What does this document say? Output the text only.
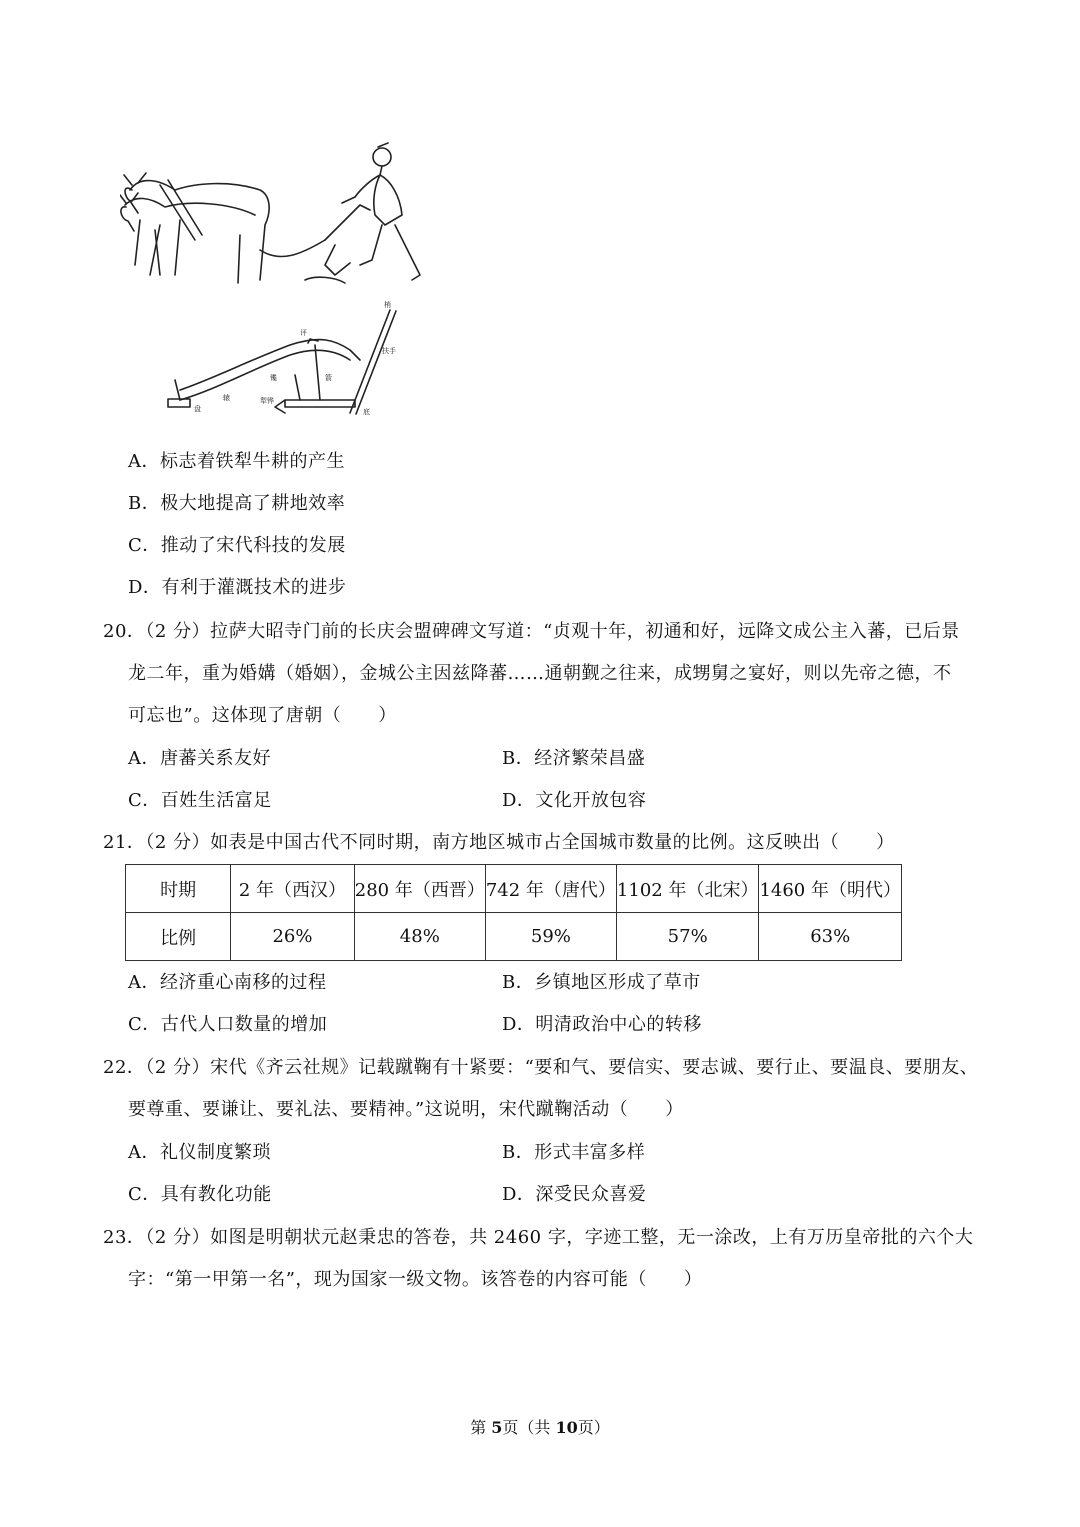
评
梢
扶手
镵	箭
犁铧
底
辕
盘
A．标志着铁犁牛耕的产生
B．极大地提高了耕地效率
C．推动了宋代科技的发展
D．有利于灌溉技术的进步
20．（2 分）拉萨大昭寺门前的长庆会盟碑碑文写道：“贞观十年，初通和好，远降文成公主入蕃，已后景
龙二年，重为婚媾（婚姻），金城公主因兹降蕃……通朝觐之往来，成甥舅之宴好，则以先帝之德，不
可忘也”。这体现了唐朝（　　）
A．唐蕃关系友好	B．经济繁荣昌盛
C．百姓生活富足	D．文化开放包容
21．（2 分）如表是中国古代不同时期，南方地区城市占全国城市数量的比例。这反映出（　　）
时期	2 年（西汉）	280 年（西晋）	742 年（唐代）	1102 年（北宋）	1460 年（明代）
比例	26%	48%	59%	57%	63%
A．经济重心南移的过程	B．乡镇地区形成了草市
C．古代人口数量的增加	D．明清政治中心的转移
22．（2 分）宋代《齐云社规》记载蹴鞠有十紧要：“要和气、要信实、要志诚、要行止、要温良、要朋友、
要尊重、要谦让、要礼法、要精神。”这说明，宋代蹴鞠活动（　　）
A．礼仪制度繁琐	B．形式丰富多样
C．具有教化功能	D．深受民众喜爱
23．（2 分）如图是明朝状元赵秉忠的答卷，共 2460 字，字迹工整，无一涂改，上有万历皇帝批的六个大
字：“第一甲第一名”，现为国家一级文物。该答卷的内容可能（　　）
第 5页（共 10页）
